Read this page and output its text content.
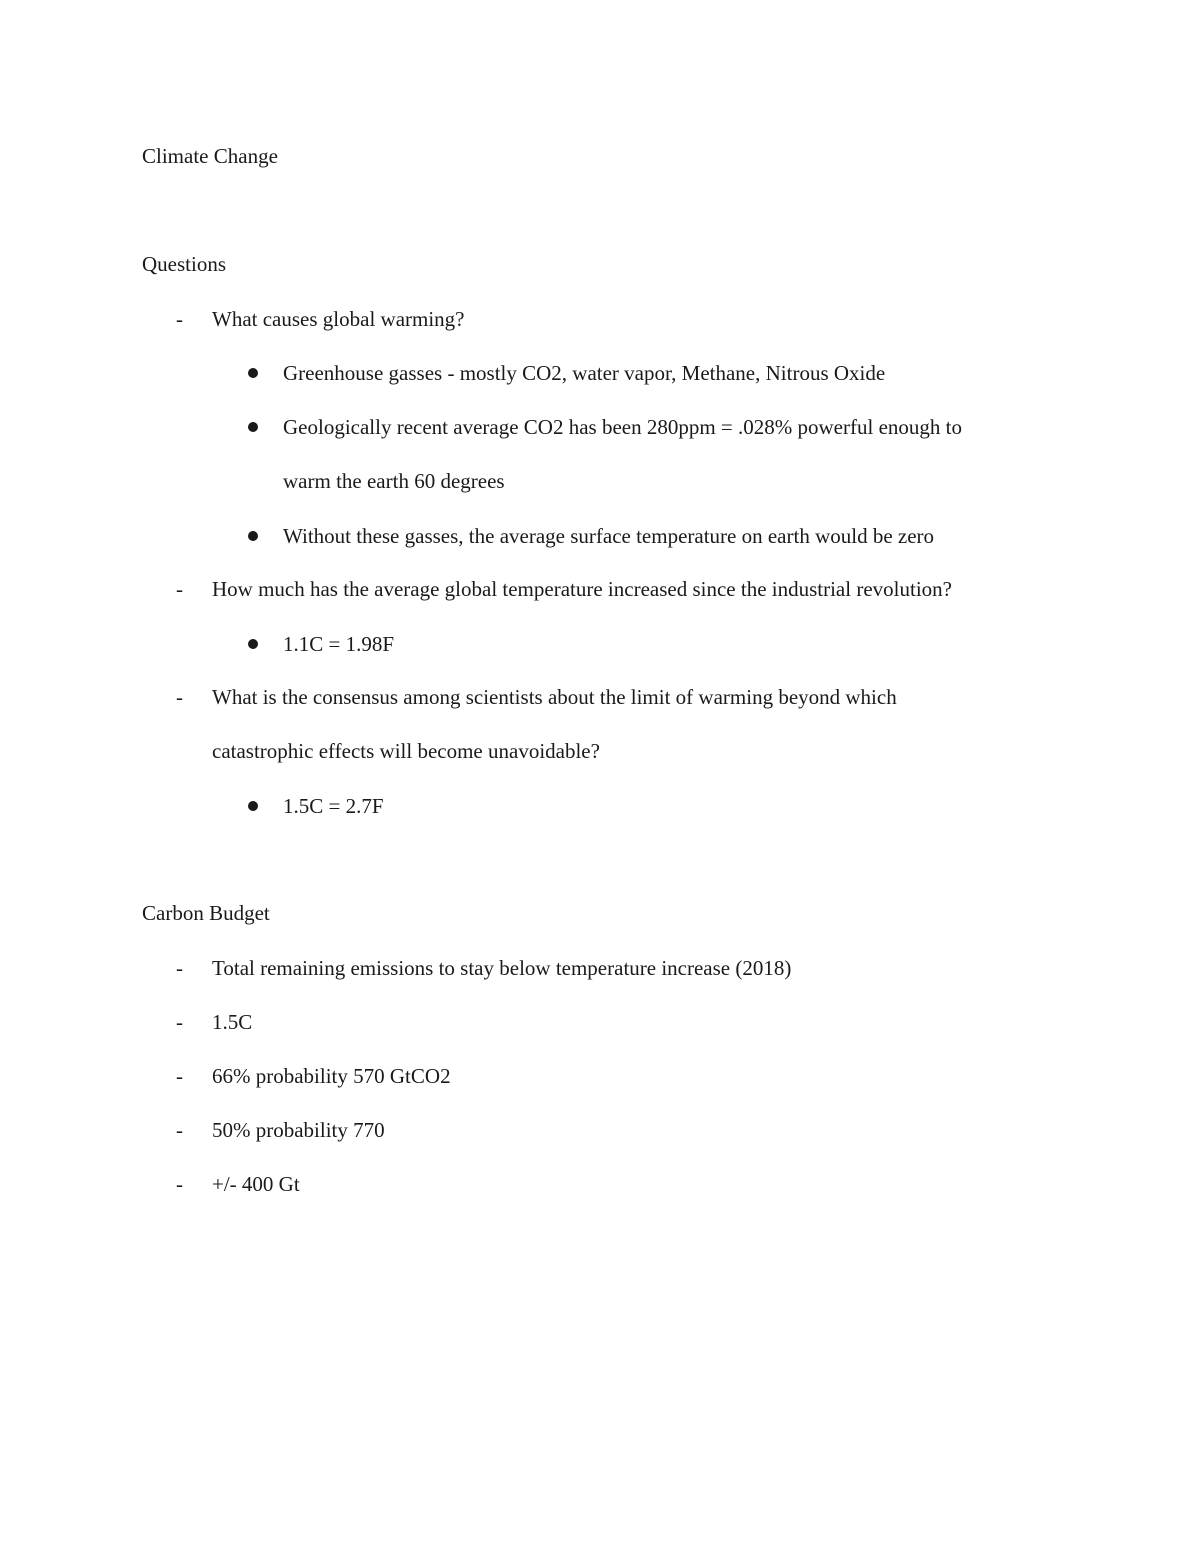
Climate Change
Questions
- What causes global warming?
Greenhouse gasses - mostly CO2, water vapor, Methane, Nitrous Oxide
Geologically recent average CO2 has been 280ppm = .028% powerful enough to
warm the earth 60 degrees
Without these gasses, the average surface temperature on earth would be zero
- How much has the average global temperature increased since the industrial revolution?
1.1C = 1.98F
- What is the consensus among scientists about the limit of warming beyond which
catastrophic effects will become unavoidable?
1.5C = 2.7F
Carbon Budget
- Total remaining emissions to stay below temperature increase (2018)
- 1.5C
- 66% probability 570 GtCO2
- 50% probability 770
- +/- 400 Gt
